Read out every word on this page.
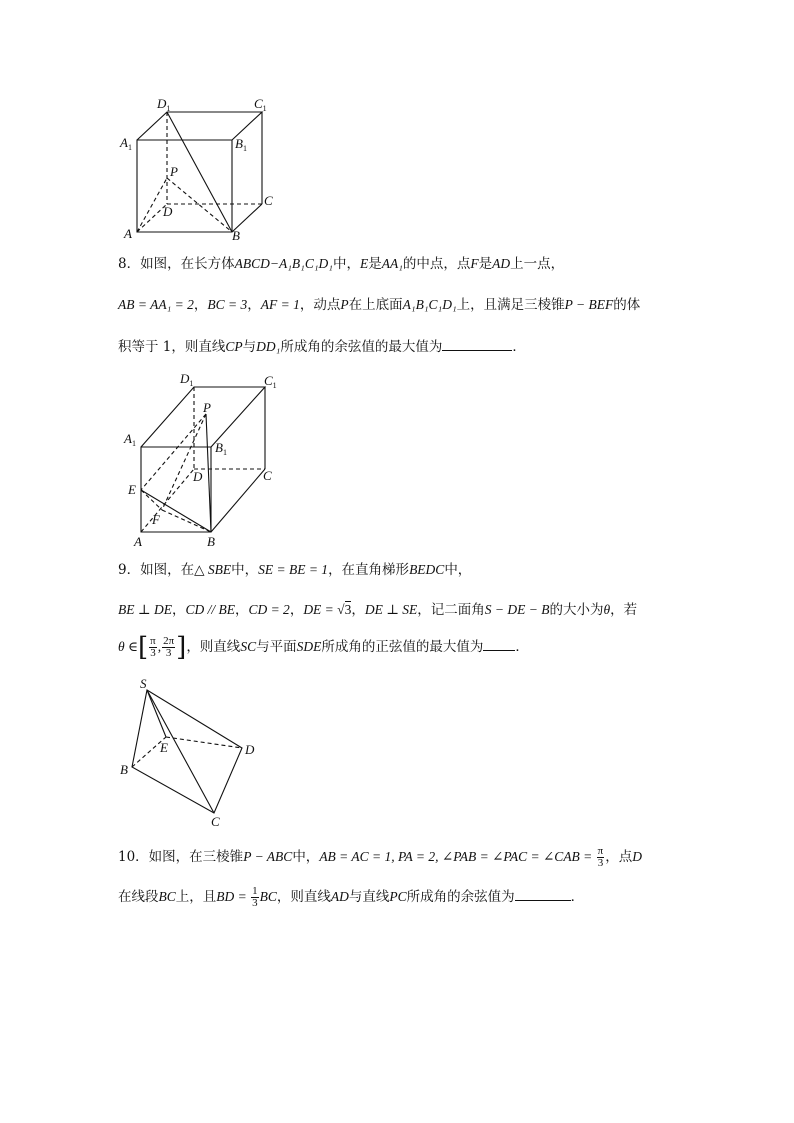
$D_1$	$C_1$
$A_1$	$B_1$
P
D
C
A	B
8．如图，在长方体ABCD−A₁B₁C₁D₁中，E是AA₁的中点，点F是AD上一点，
AB = AA₁ = 2，BC = 3，AF = 1，动点P在上底面A₁B₁C₁D₁上，且满足三棱锥P − BEF的体
积等于 1，则直线CP与DD₁所成角的余弦值的最大值为	．
$D_1$	$C_1$
P
$A_1$	$B_1$
D	C
E
F
A	B
9．如图，在△ SBE中，SE = BE = 1，在直角梯形BEDC中，
BE ⊥ DE，CD // BE，CD = 2，DE = √3，DE ⊥ SE，记二面角S − DE − B的大小为θ，若
θ ∈[ $\frac{\pi}{3}$ , $\frac{2\pi}{3}$ ]，则直线SC与平面SDE所成角的正弦值的最大值为 ．
S
E	D
B
C
10．如图，在三棱锥P − ABC中，AB = AC = 1, PA = 2, ∠PAB = ∠PAC = ∠CAB = $\frac{\pi}{3}$ ，点D
在线段BC上，且BD = $\frac{1}{3}$ BC，则直线AD与直线PC所成角的余弦值为	．
